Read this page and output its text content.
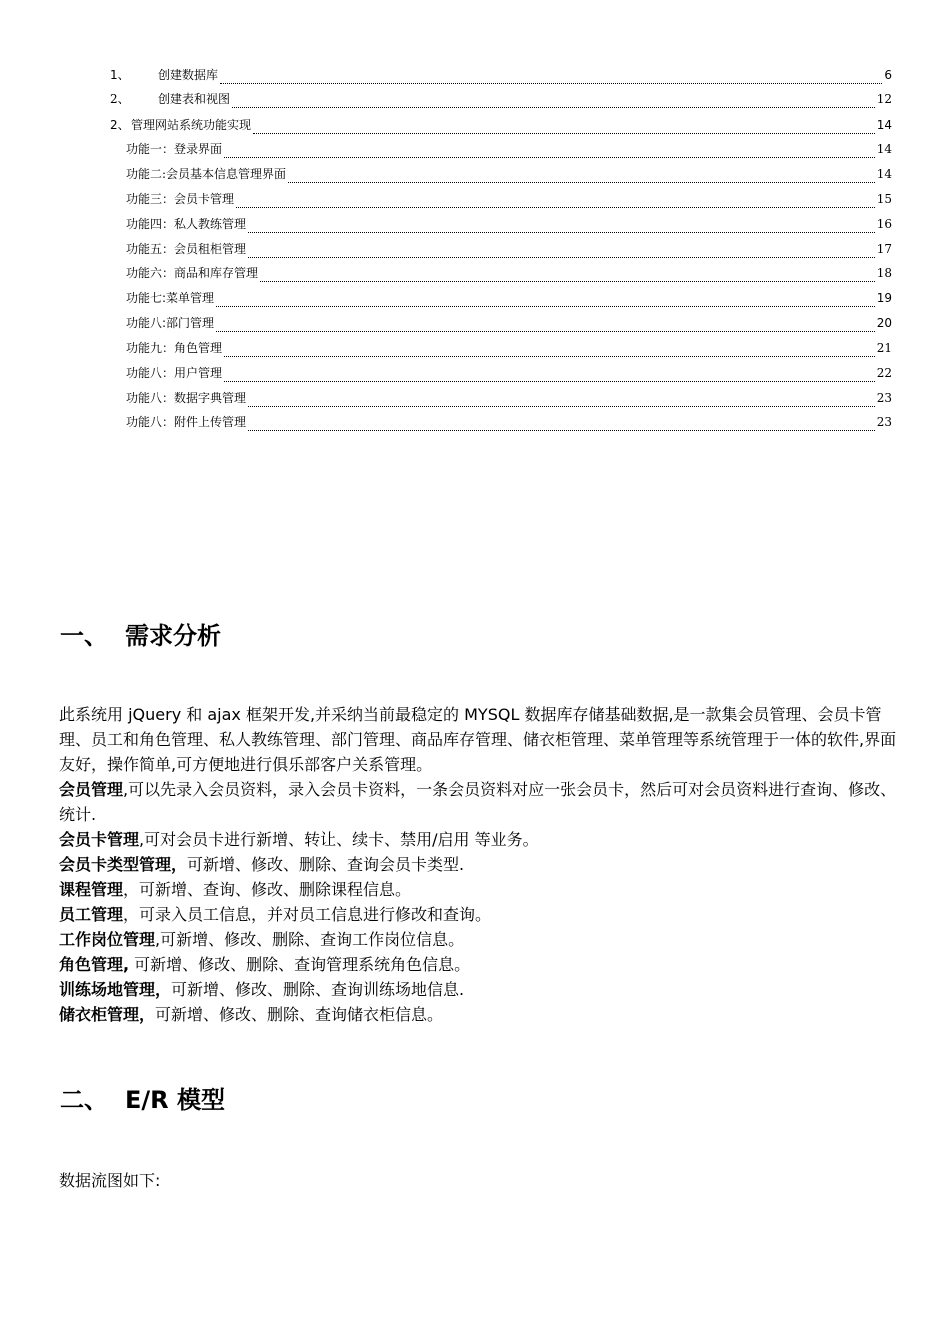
1、	创建数据库	6
2、	创建表和视图	12
2、 管理网站系统功能实现	14
功能一：登录界面	14
功能二:会员基本信息管理界面	14
功能三：会员卡管理	15
功能四：私人教练管理	16
功能五：会员租柜管理	17
功能六：商品和库存管理	18
功能七:菜单管理	19
功能八:部门管理	20
功能九：角色管理	21
功能八：用户管理	22
功能八：数据字典管理	23
功能八：附件上传管理	23
一、 需求分析

此系统用 jQuery 和 ajax 框架开发,并采纳当前最稳定的 MYSQL 数据库存储基础数据,是一款集会员管理、会员卡管理、员工和角色管理、私人教练管理、部门管理、商品库存管理、储衣柜管理、菜单管理等系统管理于一体的软件,界面友好，操作简单,可方便地进行俱乐部客户关系管理。

会员管理,可以先录入会员资料，录入会员卡资料，一条会员资料对应一张会员卡，然后可对会员资料进行查询、修改、统计.

会员卡管理,可对会员卡进行新增、转让、续卡、禁用/启用 等业务。

会员卡类型管理，可新增、修改、删除、查询会员卡类型.

课程管理，可新增、查询、修改、删除课程信息。

员工管理，可录入员工信息，并对员工信息进行修改和查询。

工作岗位管理,可新增、修改、删除、查询工作岗位信息。

角色管理, 可新增、修改、删除、查询管理系统角色信息。

训练场地管理，可新增、修改、删除、查询训练场地信息.

储衣柜管理，可新增、修改、删除、查询储衣柜信息。

二、 E/R 模型
数据流图如下:
